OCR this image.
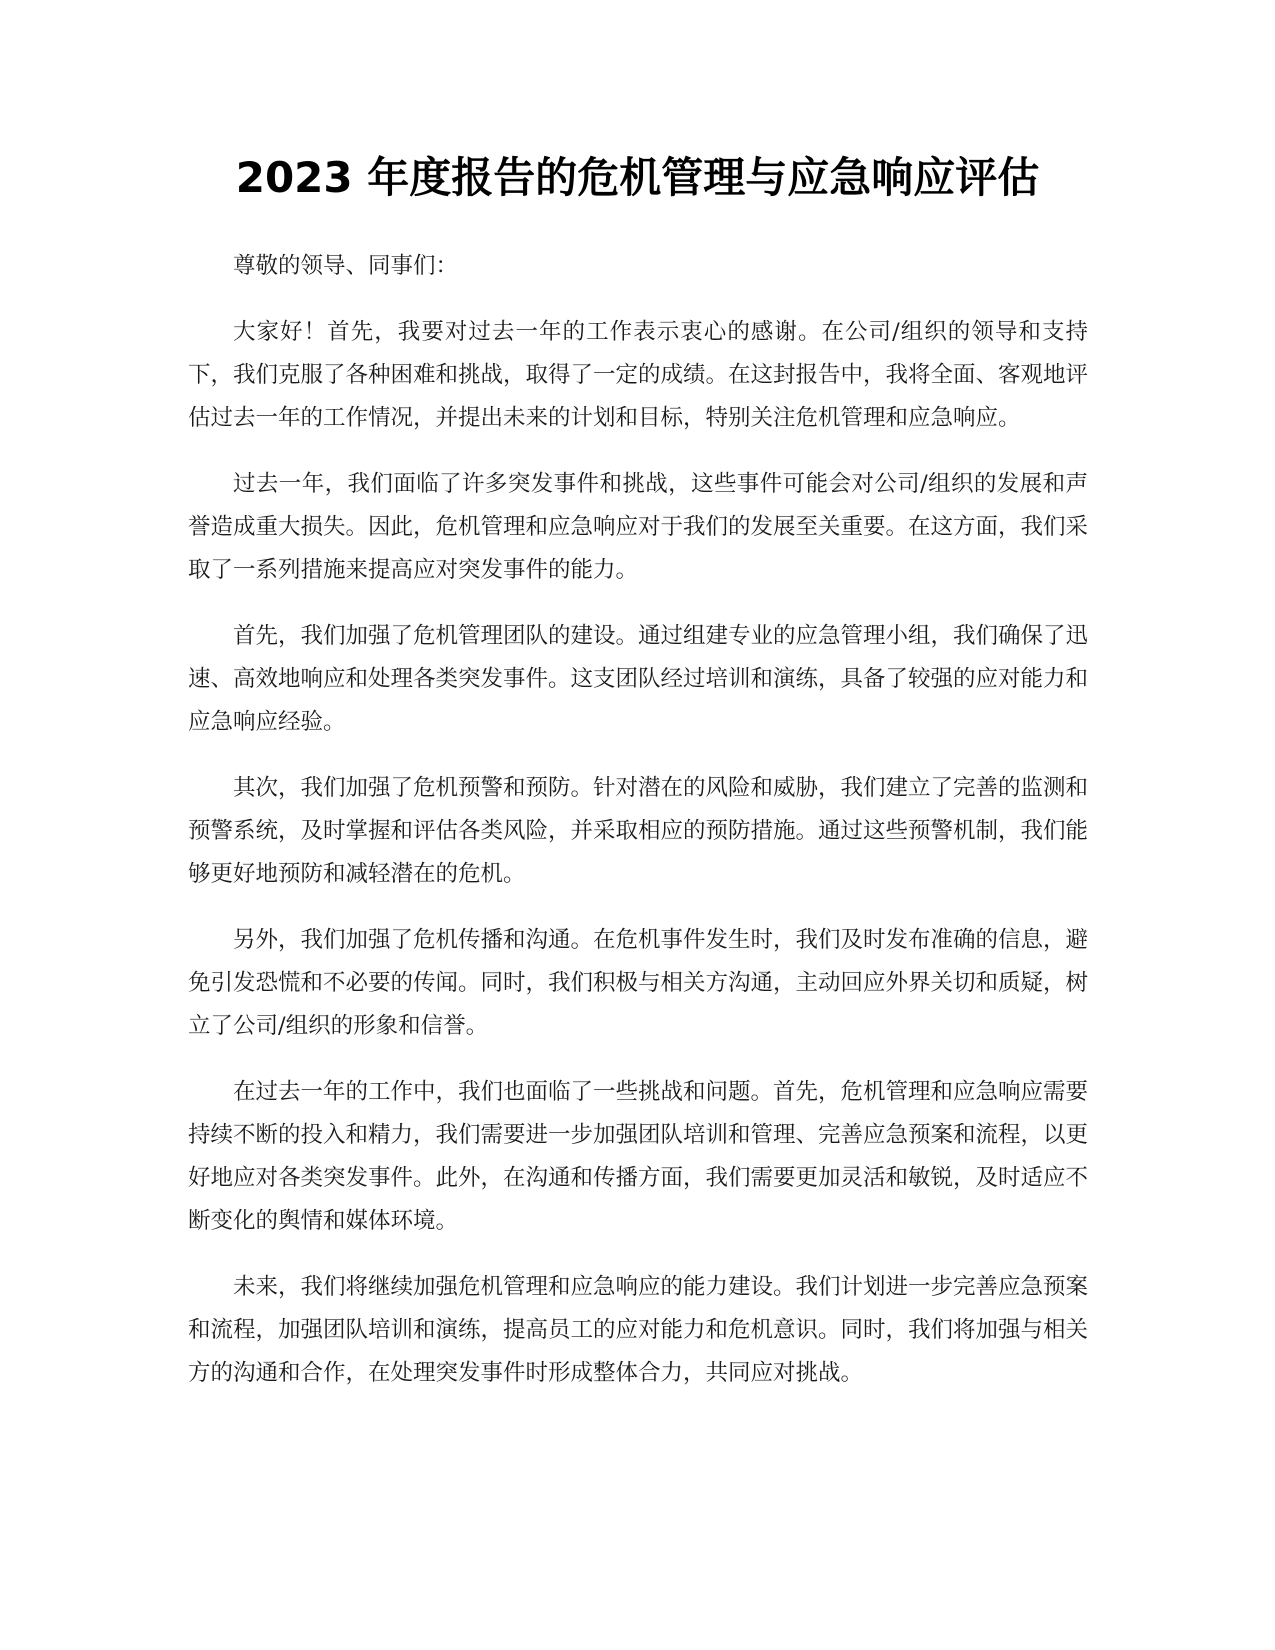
2023 年度报告的危机管理与应急响应评估

尊敬的领导、同事们：

大家好！首先，我要对过去一年的工作表示衷心的感谢。在公司/组织的领导和支持下，我们克服了各种困难和挑战，取得了一定的成绩。在这封报告中，我将全面、客观地评估过去一年的工作情况，并提出未来的计划和目标，特别关注危机管理和应急响应。

过去一年，我们面临了许多突发事件和挑战，这些事件可能会对公司/组织的发展和声誉造成重大损失。因此，危机管理和应急响应对于我们的发展至关重要。在这方面，我们采取了一系列措施来提高应对突发事件的能力。

首先，我们加强了危机管理团队的建设。通过组建专业的应急管理小组，我们确保了迅速、高效地响应和处理各类突发事件。这支团队经过培训和演练，具备了较强的应对能力和应急响应经验。

其次，我们加强了危机预警和预防。针对潜在的风险和威胁，我们建立了完善的监测和预警系统，及时掌握和评估各类风险，并采取相应的预防措施。通过这些预警机制，我们能够更好地预防和减轻潜在的危机。

另外，我们加强了危机传播和沟通。在危机事件发生时，我们及时发布准确的信息，避免引发恐慌和不必要的传闻。同时，我们积极与相关方沟通，主动回应外界关切和质疑，树立了公司/组织的形象和信誉。

在过去一年的工作中，我们也面临了一些挑战和问题。首先，危机管理和应急响应需要持续不断的投入和精力，我们需要进一步加强团队培训和管理、完善应急预案和流程，以更好地应对各类突发事件。此外，在沟通和传播方面，我们需要更加灵活和敏锐，及时适应不断变化的舆情和媒体环境。

未来，我们将继续加强危机管理和应急响应的能力建设。我们计划进一步完善应急预案和流程，加强团队培训和演练，提高员工的应对能力和危机意识。同时，我们将加强与相关方的沟通和合作，在处理突发事件时形成整体合力，共同应对挑战。
